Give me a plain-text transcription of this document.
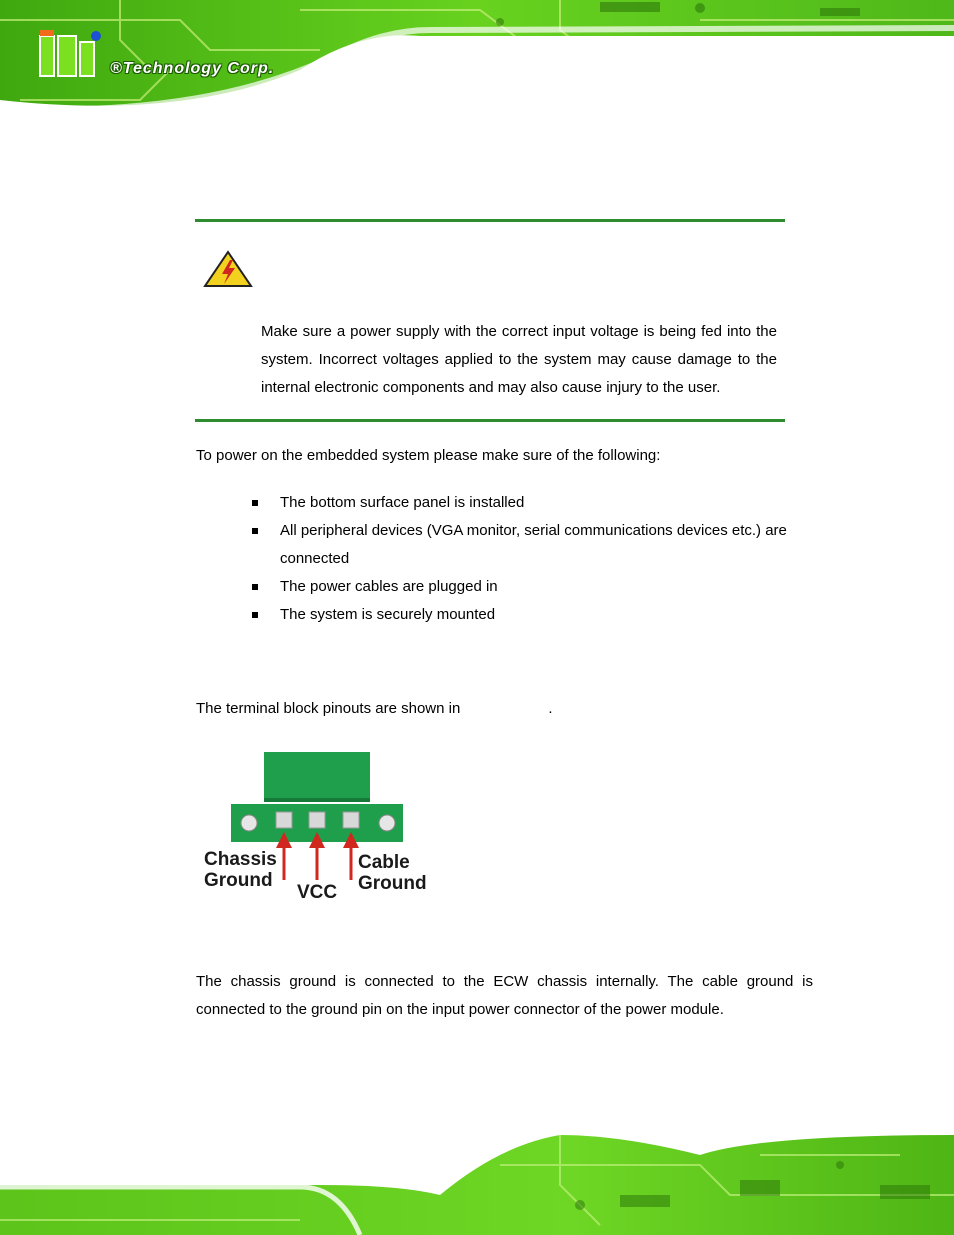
®Technology Corp.
Make sure a power supply with the correct input voltage is being fed into the system. Incorrect voltages applied to the system may cause damage to the internal electronic components and may also cause injury to the user.
To power on the embedded system please make sure of the following:
The bottom surface panel is installed
All peripheral devices (VGA monitor, serial communications devices etc.) are connected
The power cables are plugged in
The system is securely mounted
The terminal block pinouts are shown in	.
Chassis Ground
VCC
Cable Ground
The chassis ground is connected to the ECW chassis internally. The cable ground is connected to the ground pin on the input power connector of the power module.
